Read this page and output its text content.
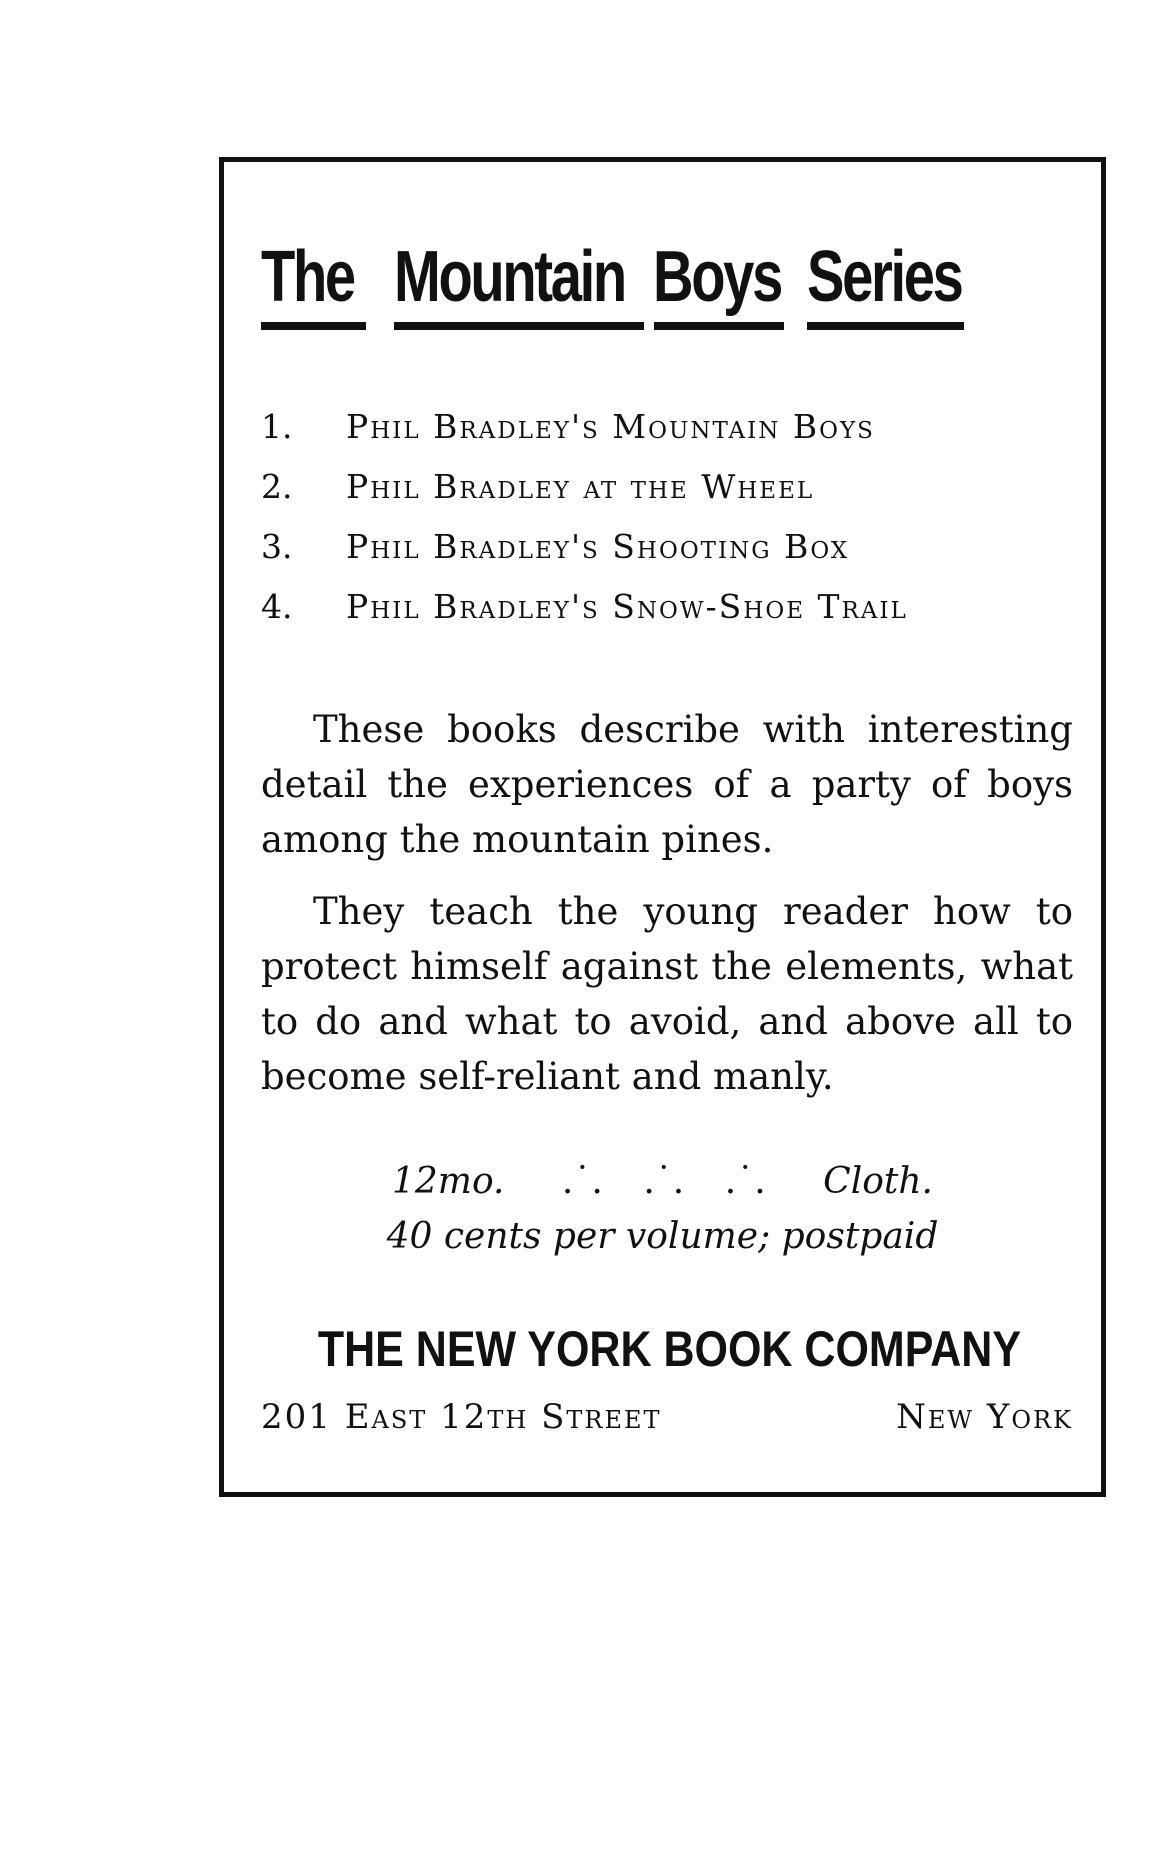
The Mountain Boys Series
1.	Phil Bradley's Mountain Boys
2.	Phil Bradley at the Wheel
3.	Phil Bradley's Shooting Box
4.	Phil Bradley's Snow-Shoe Trail

These books describe with interesting detail the experiences of a party of boys among the mountain pines.

They teach the young reader how to protect himself against the elements, what to do and what to avoid, and above all to become self-reliant and manly.

12mo. .˙. .˙. .˙. Cloth.
40 cents per volume; postpaid
THE NEW YORK BOOK COMPANY
201 East 12th Street	New York
